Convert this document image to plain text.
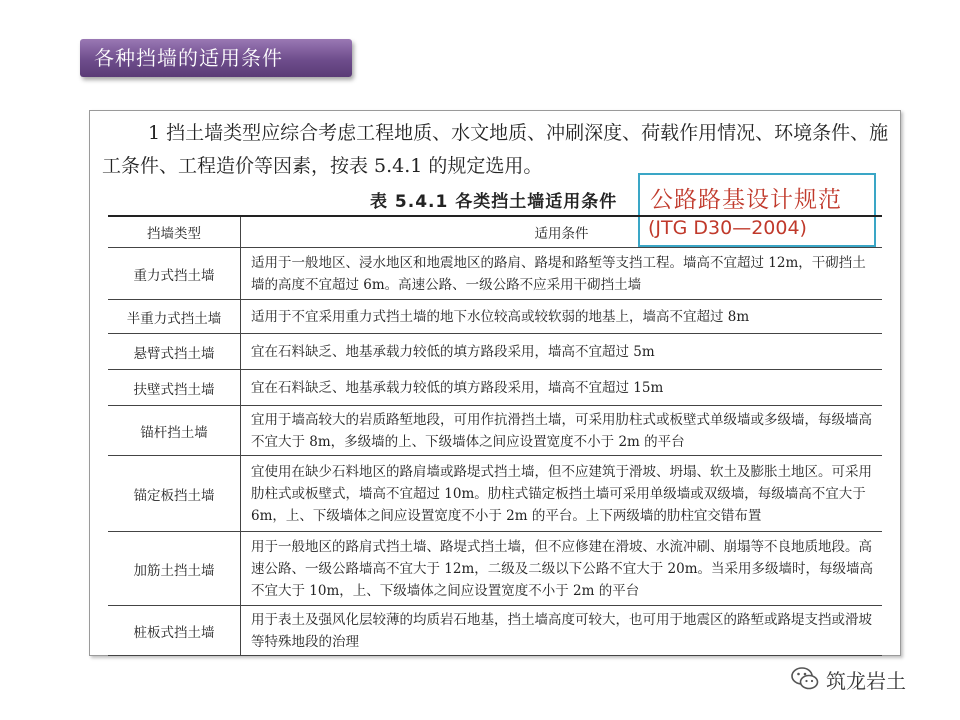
各种挡墙的适用条件

1 挡土墙类型应综合考虑工程地质、水文地质、冲刷深度、荷载作用情况、环境条件、施工条件、工程造价等因素，按表 5.4.1 的规定选用。

表 5.4.1 各类挡土墙适用条件 公路路基设计规范
(JTG D30—2004)
挡墙类型	适用条件
重力式挡土墙	适用于一般地区、浸水地区和地震地区的路肩、路堤和路堑等支挡工程。墙高不宜超过 12m，干砌挡土墙的高度不宜超过 6m。高速公路、一级公路不应采用干砌挡土墙
半重力式挡土墙	适用于不宜采用重力式挡土墙的地下水位较高或较软弱的地基上，墙高不宜超过 8m
悬臂式挡土墙	宜在石料缺乏、地基承载力较低的填方路段采用，墙高不宜超过 5m
扶壁式挡土墙	宜在石料缺乏、地基承载力较低的填方路段采用，墙高不宜超过 15m
锚杆挡土墙	宜用于墙高较大的岩质路堑地段，可用作抗滑挡土墙，可采用肋柱式或板壁式单级墙或多级墙，每级墙高不宜大于 8m，多级墙的上、下级墙体之间应设置宽度不小于 2m 的平台
锚定板挡土墙	宜使用在缺少石料地区的路肩墙或路堤式挡土墙，但不应建筑于滑坡、坍塌、软土及膨胀土地区。可采用肋柱式或板壁式，墙高不宜超过 10m。肋柱式锚定板挡土墙可采用单级墙或双级墙，每级墙高不宜大于 6m，上、下级墙体之间应设置宽度不小于 2m 的平台。上下两级墙的肋柱宜交错布置
加筋土挡土墙	用于一般地区的路肩式挡土墙、路堤式挡土墙，但不应修建在滑坡、水流冲刷、崩塌等不良地质地段。高速公路、一级公路墙高不宜大于 12m，二级及二级以下公路不宜大于 20m。当采用多级墙时，每级墙高不宜大于 10m，上、下级墙体之间应设置宽度不小于 2m 的平台
桩板式挡土墙	用于表土及强风化层较薄的均质岩石地基，挡土墙高度可较大，也可用于地震区的路堑或路堤支挡或滑坡等特殊地段的治理
筑龙岩土
